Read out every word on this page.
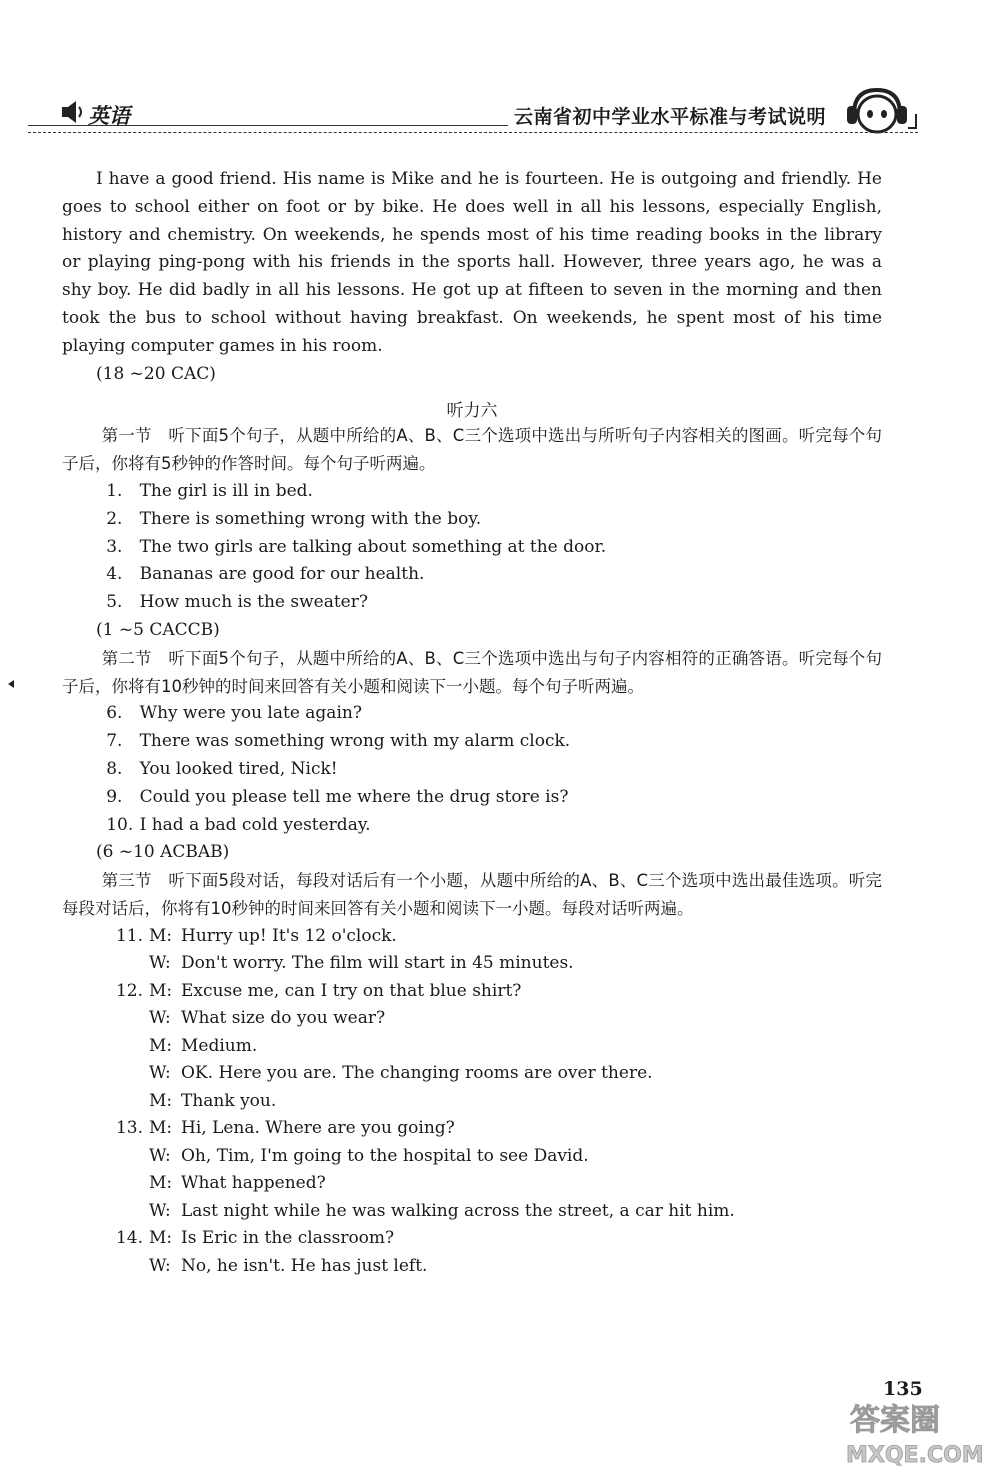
英语	云南省初中学业水平标准与考试说明

I have a good friend. His name is Mike and he is fourteen. He is outgoing and friendly. He goes to school either on foot or by bike. He does well in all his lessons, especially English, history and chemistry. On weekends, he spends most of his time reading books in the library or playing ping-pong with his friends in the sports hall. However, three years ago, he was a shy boy. He did badly in all his lessons. He got up at fifteen to seven in the morning and then took the bus to school without having breakfast. On weekends, he spent most of his time playing computer games in his room.

(18 ~20 CAC)

听力六

第一节　听下面5个句子，从题中所给的A、B、C三个选项中选出与所听句子内容相关的图画。听完每个句子后，你将有5秒钟的作答时间。每个句子听两遍。

1. The girl is ill in bed.

2. There is something wrong with the boy.

3. The two girls are talking about something at the door.

4. Bananas are good for our health.

5. How much is the sweater?

(1 ~5 CACCB)

第二节　听下面5个句子，从题中所给的A、B、C三个选项中选出与句子内容相符的正确答语。听完每个句子后，你将有10秒钟的时间来回答有关小题和阅读下一小题。每个句子听两遍。

6. Why were you late again?

7. There was something wrong with my alarm clock.

8. You looked tired, Nick!

9. Could you please tell me where the drug store is?

10. I had a bad cold yesterday.

(6 ~10 ACBAB)

第三节　听下面5段对话，每段对话后有一个小题，从题中所给的A、B、C三个选项中选出最佳选项。听完每段对话后，你将有10秒钟的时间来回答有关小题和阅读下一小题。每段对话听两遍。

11. M: Hurry up! It's 12 o'clock.

W: Don't worry. The film will start in 45 minutes.

12. M: Excuse me, can I try on that blue shirt?

W: What size do you wear?

M: Medium.

W: OK. Here you are. The changing rooms are over there.

M: Thank you.

13. M: Hi, Lena. Where are you going?

W: Oh, Tim, I'm going to the hospital to see David.

M: What happened?

W: Last night while he was walking across the street, a car hit him.

14. M: Is Eric in the classroom?

W: No, he isn't. He has just left.

135
答案圈
MXQE.COM
